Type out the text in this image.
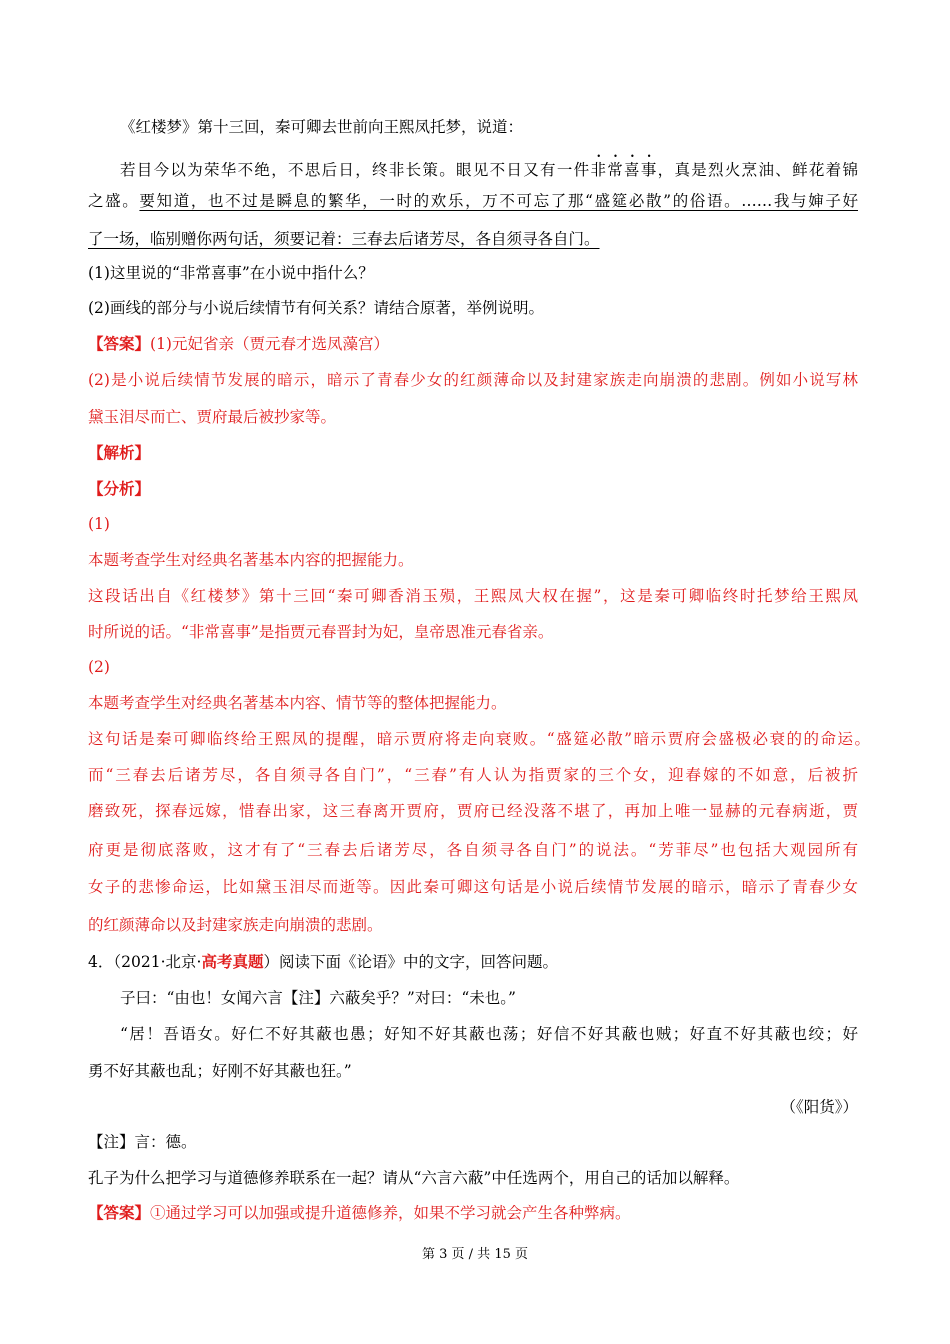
《红楼梦》第十三回，秦可卿去世前向王熙凤托梦，说道：
若目今以为荣华不绝，不思后日，终非长策。眼见不日又有一件非常喜事，真是烈火烹油、鲜花着锦
之盛。要知道，也不过是瞬息的繁华，一时的欢乐，万不可忘了那“盛筵必散”的俗语。……我与婶子好
了一场，临别赠你两句话，须要记着：三春去后诸芳尽，各自须寻各自门。
(1)这里说的“非常喜事”在小说中指什么？
(2)画线的部分与小说后续情节有何关系？请结合原著，举例说明。
【答案】(1)元妃省亲（贾元春才选凤藻宫）
(2)是小说后续情节发展的暗示，暗示了青春少女的红颜薄命以及封建家族走向崩溃的悲剧。例如小说写林
黛玉泪尽而亡、贾府最后被抄家等。
【解析】
【分析】
(1)
本题考查学生对经典名著基本内容的把握能力。
这段话出自《红楼梦》第十三回“秦可卿香消玉殒，王熙凤大权在握”，这是秦可卿临终时托梦给王熙凤
时所说的话。“非常喜事”是指贾元春晋封为妃，皇帝恩准元春省亲。
(2)
本题考查学生对经典名著基本内容、情节等的整体把握能力。
这句话是秦可卿临终给王熙凤的提醒，暗示贾府将走向衰败。“盛筵必散”暗示贾府会盛极必衰的的命运。
而“三春去后诸芳尽，各自须寻各自门”，“三春”有人认为指贾家的三个女，迎春嫁的不如意，后被折
磨致死，探春远嫁，惜春出家，这三春离开贾府，贾府已经没落不堪了，再加上唯一显赫的元春病逝，贾
府更是彻底落败，这才有了“三春去后诸芳尽，各自须寻各自门”的说法。“芳菲尽”也包括大观园所有
女子的悲惨命运，比如黛玉泪尽而逝等。因此秦可卿这句话是小说后续情节发展的暗示，暗示了青春少女
的红颜薄命以及封建家族走向崩溃的悲剧。
4．（2021·北京·高考真题）阅读下面《论语》中的文字，回答问题。
子曰：“由也！女闻六言【注】六蔽矣乎？”对曰：“未也。”
“居！吾语女。好仁不好其蔽也愚；好知不好其蔽也荡；好信不好其蔽也贼；好直不好其蔽也绞；好
勇不好其蔽也乱；好刚不好其蔽也狂。”
（《阳货》）
【注】言：德。
孔子为什么把学习与道德修养联系在一起？请从“六言六蔽”中任选两个，用自己的话加以解释。
【答案】①通过学习可以加强或提升道德修养，如果不学习就会产生各种弊病。
第 3 页 / 共 15 页
